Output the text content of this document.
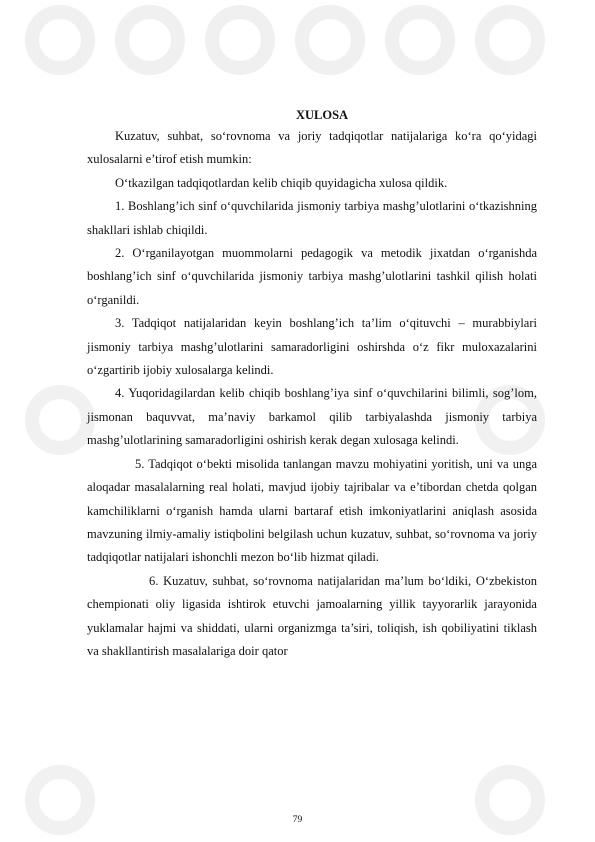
XULOSA

Kuzatuv, suhbat, so‘rovnoma va joriy tadqiqotlar natijalariga ko‘ra qo‘yidagi xulosalarni e’tirof etish mumkin:

O‘tkazilgan tadqiqotlardan kelib chiqib quyidagicha xulosa qildik.

1. Boshlang’ich sinf o‘quvchilarida jismoniy tarbiya mashg’ulotlarini o‘tkazishning shakllari ishlab chiqildi.

2. O‘rganilayotgan muommolarni pedagogik va metodik jixatdan o‘rganishda boshlang’ich sinf o‘quvchilarida jismoniy tarbiya mashg’ulotlarini tashkil qilish holati o‘rganildi.

3. Tadqiqot natijalaridan keyin boshlang’ich ta’lim o‘qituvchi – murabbiylari jismoniy tarbiya mashg’ulotlarini samaradorligini oshirshda o‘z fikr muloxazalarini o‘zgartirib ijobiy xulosalarga kelindi.

4. Yuqoridagilardan kelib chiqib boshlang’iya sinf o‘quvchilarini bilimli, sog’lom, jismonan baquvvat, ma’naviy barkamol qilib tarbiyalashda jismoniy tarbiya mashg’ulotlarining samaradorligini oshirish kerak degan xulosaga kelindi.

5. Tadqiqot o‘bekti misolida tanlangan mavzu mohiyatini yoritish, uni va unga aloqadar masalalarning real holati, mavjud ijobiy tajribalar va e’tibordan chetda qolgan kamchiliklarni o‘rganish hamda ularni bartaraf etish imkoniyatlarini aniqlash asosida mavzuning ilmiy-amaliy istiqbolini belgilash uchun kuzatuv, suhbat, so‘rovnoma va joriy tadqiqotlar natijalari ishonchli mezon bo‘lib hizmat qiladi.

6. Kuzatuv, suhbat, so‘rovnoma natijalaridan ma’lum bo‘ldiki, O‘zbekiston chempionati oliy ligasida ishtirok etuvchi jamoalarning yillik tayyorarlik jarayonida yuklamalar hajmi va shiddati, ularni organizmga ta’siri, toliqish, ish qobiliyatini tiklash va shakllantirish masalalariga doir qator

79
